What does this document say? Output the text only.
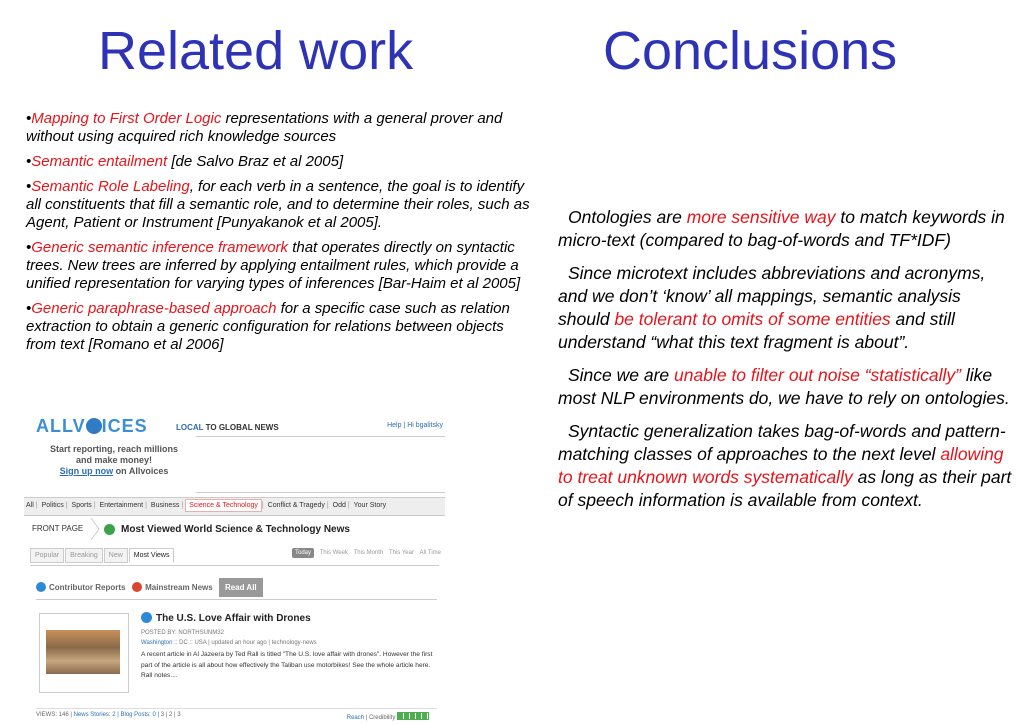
Related work	Conclusions

•Mapping to First Order Logic representations with a general prover and without using acquired rich knowledge sources

•Semantic entailment [de Salvo Braz et al 2005]

•Semantic Role Labeling, for each verb in a sentence, the goal is to identify all constituents that fill a semantic role, and to determine their roles, such as Agent, Patient or Instrument [Punyakanok et al 2005].

•Generic semantic inference framework that operates directly on syntactic trees. New trees are inferred by applying entailment rules, which provide a unified representation for varying types of inferences [Bar-Haim et al 2005]

•Generic paraphrase-based approach for a specific case such as relation extraction to obtain a generic configuration for relations between objects from text [Romano et al 2006]

Ontologies are more sensitive way to match keywords in micro-text (compared to bag-of-words and TF*IDF)

Since microtext includes abbreviations and acronyms, and we don’t ‘know’ all mappings, semantic analysis should be tolerant to omits of some entities and still understand “what this text fragment is about”.

Since we are unable to filter out noise “statistically” like most NLP environments do, we have to rely on ontologies.

Syntactic generalization takes bag-of-words and pattern-matching classes of approaches to the next level allowing to treat unknown words systematically as long as their part of speech information is available from context.

ALLV ICES	LOCAL TO GLOBAL NEWS	Help | Hi bgalitsky
Start reporting, reach millions
and make money!
Sign up now on Allvoices
All | Politics | Sports | Entertainment | Business | Science & Technology | Conflict & Tragedy | Odd | Your Story
FRONT PAGE	Most Viewed World Science & Technology News
Popular Breaking New Most Views	Today This Week This Month This Year All Time
Contributor Reports Mainstream News Read All
The U.S. Love Affair with Drones
POSTED BY: NORTHSUNM32
Washington :: DC :: USA | updated an hour ago | technology-news
A recent article in Al Jazeera by Ted Rall is titled "The U.S. love affair with drones". However the first part of the article is all about how effectively the Taliban use motorbikes! See the whole article here. Rall notes....
VIEWS: 146 | News Stories: 2 | Blog Posts: 0 | 3 | 2 | 3	Reach | Credibility
